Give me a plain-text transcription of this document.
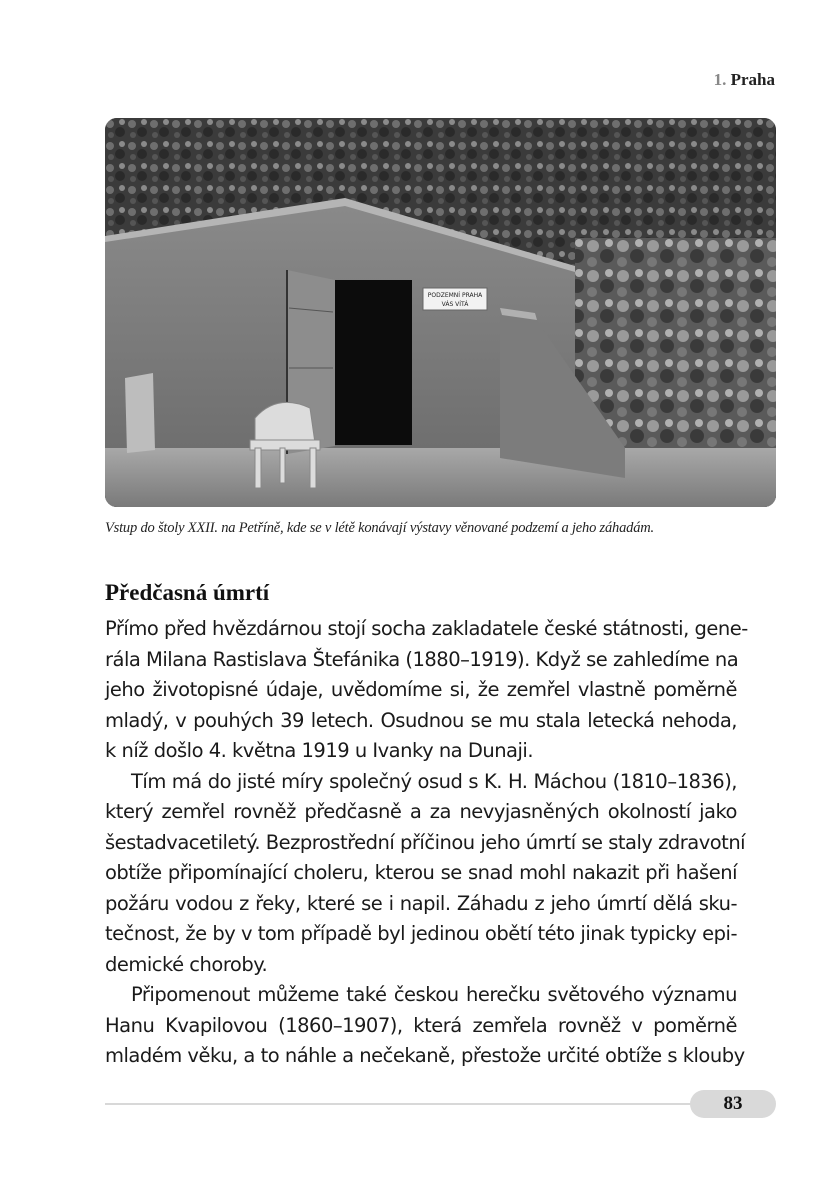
1. Praha
PODZEMNÍ PRAHA
VÁS VÍTÁ
Vstup do štoly XXII. na Petříně, kde se v létě konávají výstavy věnované podzemí a jeho záhadám.
Předčasná úmrtí
Přímo před hvězdárnou stojí socha zakladatele české státnosti, gene-
rála Milana Rastislava Štefánika (1880–1919). Když se zahledíme na
jeho životopisné údaje, uvědomíme si, že zemřel vlastně poměrně
mladý, v pouhých 39 letech. Osudnou se mu stala letecká nehoda,
k níž došlo 4. května 1919 u Ivanky na Dunaji.
Tím má do jisté míry společný osud s K. H. Máchou (1810–1836),
který zemřel rovněž předčasně a za nevyjasněných okolností jako
šestadvacetiletý. Bezprostřední příčinou jeho úmrtí se staly zdravotní
obtíže připomínající choleru, kterou se snad mohl nakazit při hašení
požáru vodou z řeky, které se i napil. Záhadu z jeho úmrtí dělá sku-
tečnost, že by v tom případě byl jedinou obětí této jinak typicky epi-
demické choroby.
Připomenout můžeme také českou herečku světového významu
Hanu Kvapilovou (1860–1907), která zemřela rovněž v poměrně
mladém věku, a to náhle a nečekaně, přestože určité obtíže s klouby
83
